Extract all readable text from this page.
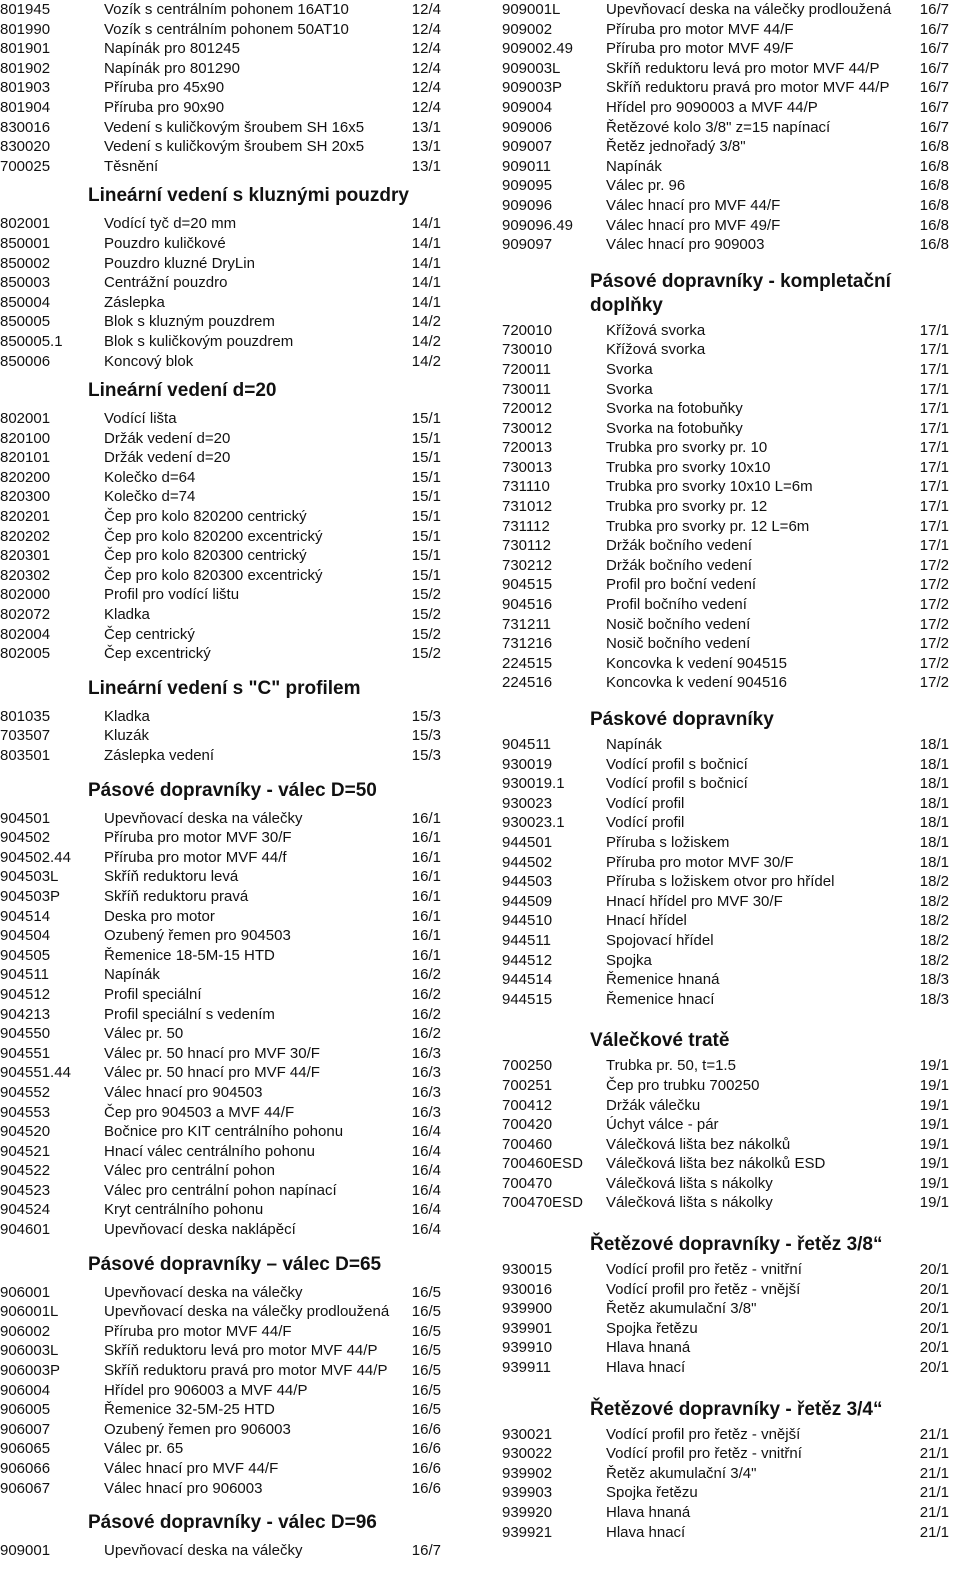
801945	Vozík s centrálním pohonem 16AT10	12/4
801990	Vozík s centrálním pohonem 50AT10	12/4
801901	Napínák pro 801245	12/4
801902	Napínák pro 801290	12/4
801903	Příruba pro 45x90	12/4
801904	Příruba pro 90x90	12/4
830016	Vedení s kuličkovým šroubem SH 16x5	13/1
830020	Vedení s kuličkovým šroubem SH 20x5	13/1
700025	Těsnění	13/1
Lineární vedení s kluznými pouzdry
802001	Vodící tyč d=20 mm	14/1
850001	Pouzdro kuličkové	14/1
850002	Pouzdro kluzné DryLin	14/1
850003	Centrážní pouzdro	14/1
850004	Záslepka	14/1
850005	Blok s kluzným pouzdrem	14/2
850005.1	Blok s kuličkovým pouzdrem	14/2
850006	Koncový blok	14/2
Lineární vedení d=20
802001	Vodící lišta	15/1
820100	Držák vedení d=20	15/1
820101	Držák vedení d=20	15/1
820200	Kolečko d=64	15/1
820300	Kolečko d=74	15/1
820201	Čep pro kolo 820200 centrický	15/1
820202	Čep pro kolo 820200 excentrický	15/1
820301	Čep pro kolo 820300 centrický	15/1
820302	Čep pro kolo 820300 excentrický	15/1
802000	Profil pro vodící lištu	15/2
802072	Kladka	15/2
802004	Čep centrický	15/2
802005	Čep excentrický	15/2
Lineární vedení s "C" profilem
801035	Kladka	15/3
703507	Kluzák	15/3
803501	Záslepka vedení	15/3
Pásové dopravníky - válec D=50
904501	Upevňovací deska na válečky	16/1
904502	Příruba pro motor MVF 30/F	16/1
904502.44 Příruba pro motor MVF 44/f	16/1
904503L	Skříň reduktoru levá	16/1
904503P	Skříň reduktoru pravá	16/1
904514	Deska pro motor	16/1
904504	Ozubený řemen pro 904503	16/1
904505	Řemenice 18-5M-15 HTD	16/1
904511	Napínák	16/2
904512	Profil speciální	16/2
904213	Profil speciální s vedením	16/2
904550	Válec pr. 50	16/2
904551	Válec pr. 50 hnací pro MVF 30/F	16/3
904551.44 Válec pr. 50 hnací pro MVF 44/F	16/3
904552	Válec hnací pro 904503	16/3
904553	Čep pro 904503 a MVF 44/F	16/3
904520	Bočnice pro KIT centrálního pohonu	16/4
904521	Hnací válec centrálního pohonu	16/4
904522	Válec pro centrální pohon	16/4
904523	Válec pro centrální pohon napínací	16/4
904524	Kryt centrálního pohonu	16/4
904601	Upevňovací deska naklápěcí	16/4
Pásové dopravníky – válec D=65
906001	Upevňovací deska na válečky	16/5
906001L	Upevňovací deska na válečky prodloužená 16/5
906002	Příruba pro motor MVF 44/F	16/5
906003L	Skříň reduktoru levá pro motor MVF 44/P 16/5
906003P	Skříň reduktoru pravá pro motor MVF 44/P 16/5
906004	Hřídel pro 906003 a MVF 44/P	16/5
906005	Řemenice 32-5M-25 HTD	16/5
906007	Ozubený řemen pro 906003	16/6
906065	Válec pr. 65	16/6
906066	Válec hnací pro MVF 44/F	16/6
906067	Válec hnací pro 906003	16/6
Pásové dopravníky - válec D=96
909001	Upevňovací deska na válečky	16/7
909001L	Upevňovací deska na válečky prodloužená 16/7
909002	Příruba pro motor MVF 44/F	16/7
909002.49 Příruba pro motor MVF 49/F	16/7
909003L	Skříň reduktoru levá pro motor MVF 44/P	16/7
909003P	Skříň reduktoru pravá pro motor MVF 44/P 16/7
909004	Hřídel pro 9090003 a MVF 44/P	16/7
909006	Řetězové kolo 3/8" z=15 napínací	16/7
909007	Řetěz jednořadý 3/8"	16/8
909011	Napínák	16/8
909095	Válec pr. 96	16/8
909096	Válec hnací pro MVF 44/F	16/8
909096.49 Válec hnací pro MVF 49/F	16/8
909097	Válec hnací pro 909003	16/8
Pásové dopravníky - kompletační doplňky
720010	Křížová svorka	17/1
730010	Křížová svorka	17/1
720011	Svorka	17/1
730011	Svorka	17/1
720012	Svorka na fotobuňky	17/1
730012	Svorka na fotobuňky	17/1
720013	Trubka pro svorky pr. 10	17/1
730013	Trubka pro svorky 10x10	17/1
731110	Trubka pro svorky 10x10 L=6m	17/1
731012	Trubka pro svorky pr. 12	17/1
731112	Trubka pro svorky pr. 12 L=6m	17/1
730112	Držák bočního vedení	17/1
730212	Držák bočního vedení	17/2
904515	Profil pro boční vedení	17/2
904516	Profil bočního vedení	17/2
731211	Nosič bočního vedení	17/2
731216	Nosič bočního vedení	17/2
224515	Koncovka k vedení 904515	17/2
224516	Koncovka k vedení 904516	17/2
Páskové dopravníky
904511	Napínák	18/1
930019	Vodící profil s bočnicí	18/1
930019.1	Vodící profil s bočnicí	18/1
930023	Vodící profil	18/1
930023.1	Vodící profil	18/1
944501	Příruba s ložiskem	18/1
944502	Příruba pro motor MVF 30/F	18/1
944503	Příruba s ložiskem otvor pro hřídel	18/2
944509	Hnací hřídel pro MVF 30/F	18/2
944510	Hnací hřídel	18/2
944511	Spojovací hřídel	18/2
944512	Spojka	18/2
944514	Řemenice hnaná	18/3
944515	Řemenice hnací	18/3
Válečkové tratě
700250	Trubka pr. 50, t=1.5	19/1
700251	Čep pro trubku 700250	19/1
700412	Držák válečku	19/1
700420	Úchyt válce - pár	19/1
700460	Válečková lišta bez nákolků	19/1
700460ESD Válečková lišta bez nákolků ESD	19/1
700470	Válečková lišta s nákolky	19/1
700470ESD Válečková lišta s nákolky	19/1
Řetězové dopravníky - řetěz 3/8“
930015	Vodící profil pro řetěz - vnitřní	20/1
930016	Vodící profil pro řetěz - vnější	20/1
939900	Řetěz akumulační 3/8"	20/1
939901	Spojka řetězu	20/1
939910	Hlava hnaná	20/1
939911	Hlava hnací	20/1
Řetězové dopravníky - řetěz 3/4“
930021	Vodící profil pro řetěz - vnější	21/1
930022	Vodící profil pro řetěz - vnitřní	21/1
939902	Řetěz akumulační 3/4"	21/1
939903	Spojka řetězu	21/1
939920	Hlava hnaná	21/1
939921	Hlava hnací	21/1
